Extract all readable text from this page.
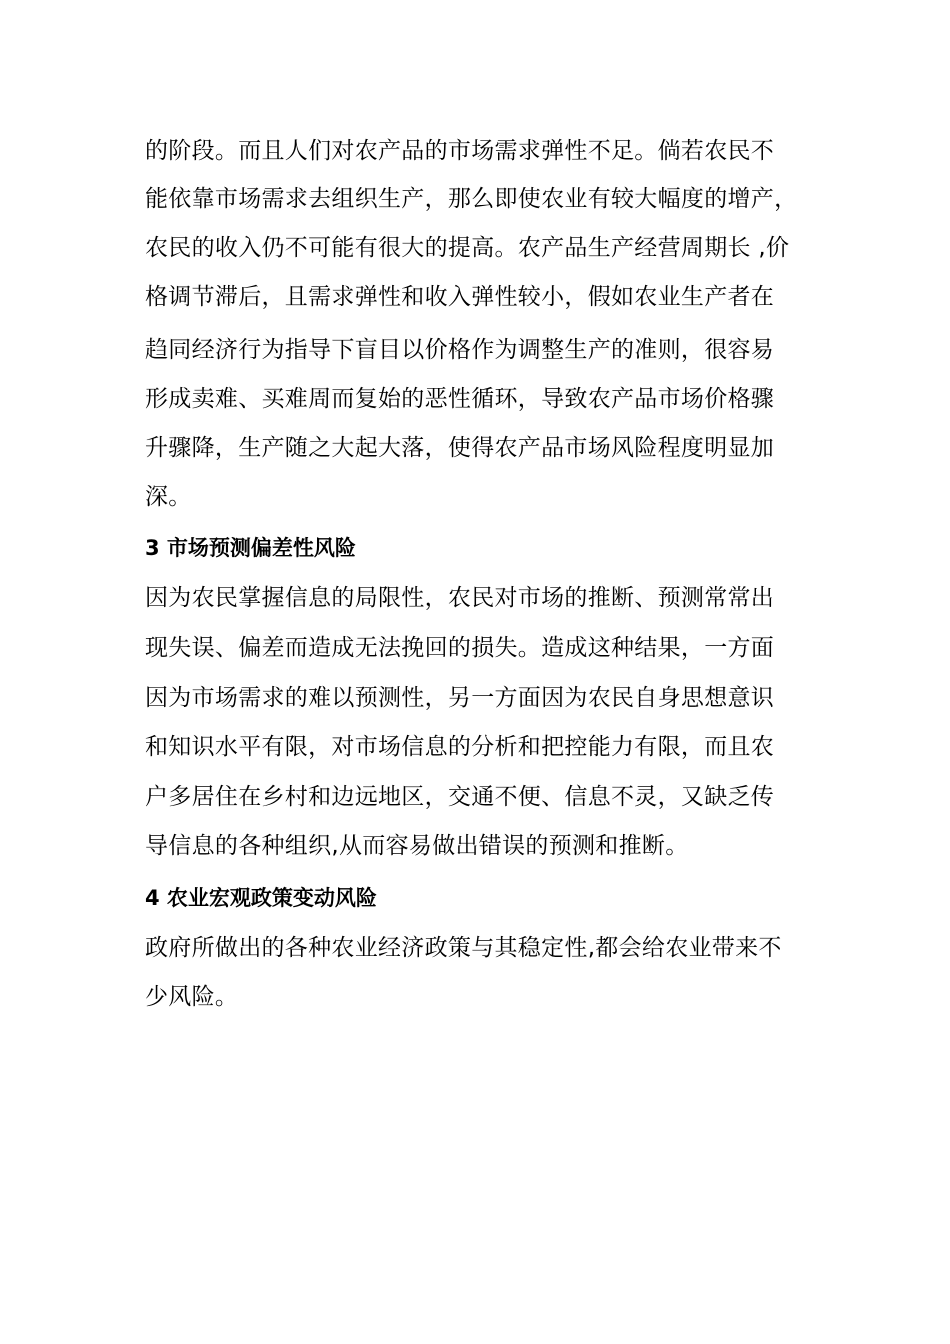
的阶段。而且人们对农产品的市场需求弹性不足。倘若农民不
能依靠市场需求去组织生产，那么即使农业有较大幅度的增产，
农民的收入仍不可能有很大的提高。农产品生产经营周期长 ,价
格调节滞后，且需求弹性和收入弹性较小，假如农业生产者在
趋同经济行为指导下盲目以价格作为调整生产的准则，很容易
形成卖难、买难周而复始的恶性循环，导致农产品市场价格骤
升骤降，生产随之大起大落，使得农产品市场风险程度明显加
深。
3 市场预测偏差性风险
因为农民掌握信息的局限性，农民对市场的推断、预测常常出
现失误、偏差而造成无法挽回的损失。造成这种结果，一方面
因为市场需求的难以预测性，另一方面因为农民自身思想意识
和知识水平有限，对市场信息的分析和把控能力有限，而且农
户多居住在乡村和边远地区，交通不便、信息不灵，又缺乏传
导信息的各种组织,从而容易做出错误的预测和推断。
4 农业宏观政策变动风险
政府所做出的各种农业经济政策与其稳定性,都会给农业带来不
少风险。
